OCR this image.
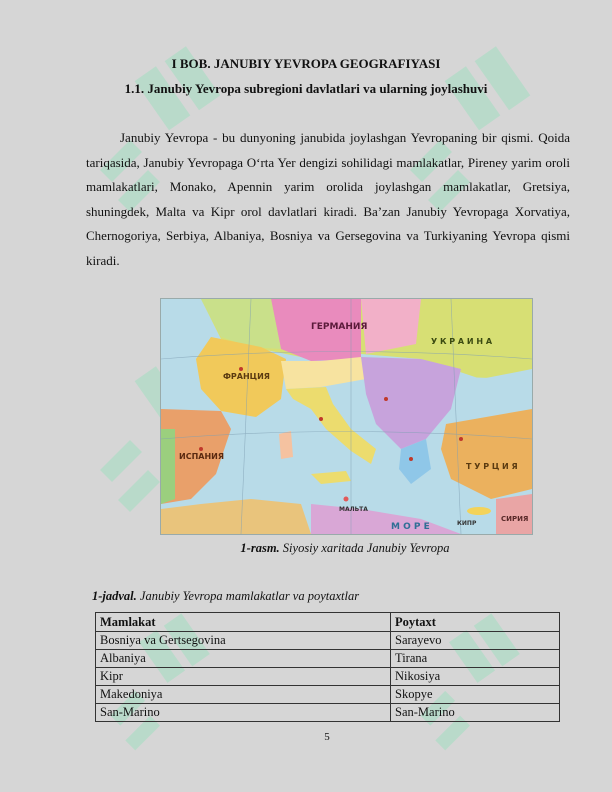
I BOB. JANUBIY YEVROPA GEOGRAFIYASI
1.1. Janubiy Yevropa subregioni davlatlari va ularning joylashuvi

Janubiy Yevropa - bu dunyoning janubida joylashgan Yevropaning bir qismi. Qoida tariqasida, Janubiy Yevropaga O‘rta Yer dengizi sohilidagi mamlakatlar, Pireney yarim oroli mamlakatlari, Monako, Apennin yarim orolida joylashgan mamlakatlar, Gretsiya, shuningdek, Malta va Kipr orol davlatlari kiradi. Ba’zan Janubiy Yevropaga Xorvatiya, Chernogoriya, Serbiya, Albaniya, Bosniya va Gersegovina va Turkiyaning Yevropa qismi kiradi.

ГЕРМАНИЯ
ФРАНЦИЯ
ИСПАНИЯ
У К Р А И Н А
Т У Р Ц И Я
СИРИЯ
КИПР
МАЛЬТА
М О Р Е
1-rasm. Siyosiy xaritada Janubiy Yevropa
1-jadval. Janubiy Yevropa mamlakatlar va poytaxtlar
Mamlakat	Poytaxt
Bosniya va Gertsegovina	Sarayevo
Albaniya	Tirana
Kipr	Nikosiya
Makedoniya	Skopye
San-Marino	San-Marino
5
